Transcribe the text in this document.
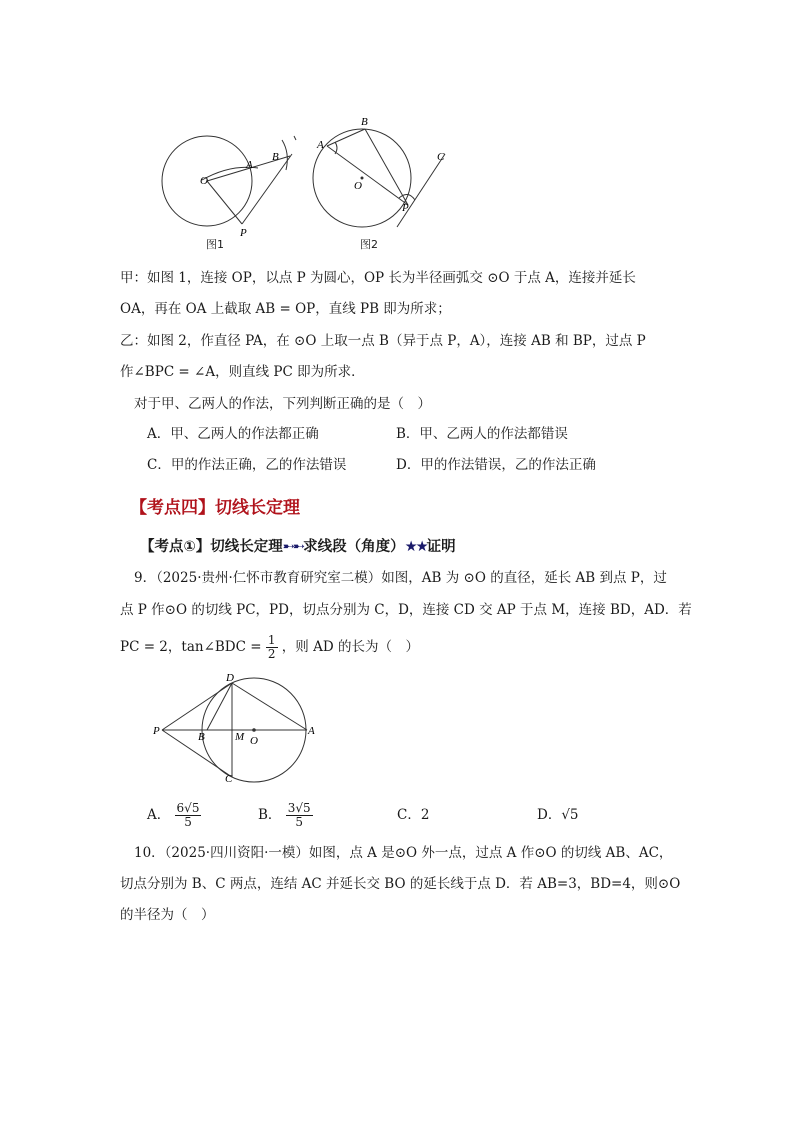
O
A
B
P
图1
A
B
O
C
P
图2
甲：如图 1，连接 OP，以点 P 为圆心，OP 长为半径画弧交 ⊙O 于点 A，连接并延长
OA，再在 OA 上截取 AB = OP，直线 PB 即为所求；
乙：如图 2，作直径 PA，在 ⊙O 上取一点 B（异于点 P，A），连接 AB 和 BP，过点 P
作∠BPC = ∠A，则直线 PC 即为所求．
对于甲、乙两人的作法，下列判断正确的是（　）
A．甲、乙两人的作法都正确	B．甲、乙两人的作法都错误
C．甲的作法正确，乙的作法错误	D．甲的作法错误，乙的作法正确
【考点四】切线长定理
【考点①】切线长定理➸➸求线段（角度）★★证明
9．（2025·贵州·仁怀市教育研究室二模）如图，AB 为 ⊙O 的直径，延长 AB 到点 P，过
点 P 作⊙O 的切线 PC，PD，切点分别为 C，D，连接 CD 交 AP 于点 M，连接 BD，AD．若
PC = 2，tan∠BDC = $\frac{1}{2}$ ，则 AD 的长为（　）
D
P	B	M O
A
C
A． $\frac{6√5}{5}$	B． $\frac{3√5}{5}$	C．2	D．√5
10．（2025·四川资阳·一模）如图，点 A 是⊙O 外一点，过点 A 作⊙O 的切线 AB、AC，
切点分别为 B、C 两点，连结 AC 并延长交 BO 的延长线于点 D．若 AB=3，BD=4，则⊙O
的半径为（　）
